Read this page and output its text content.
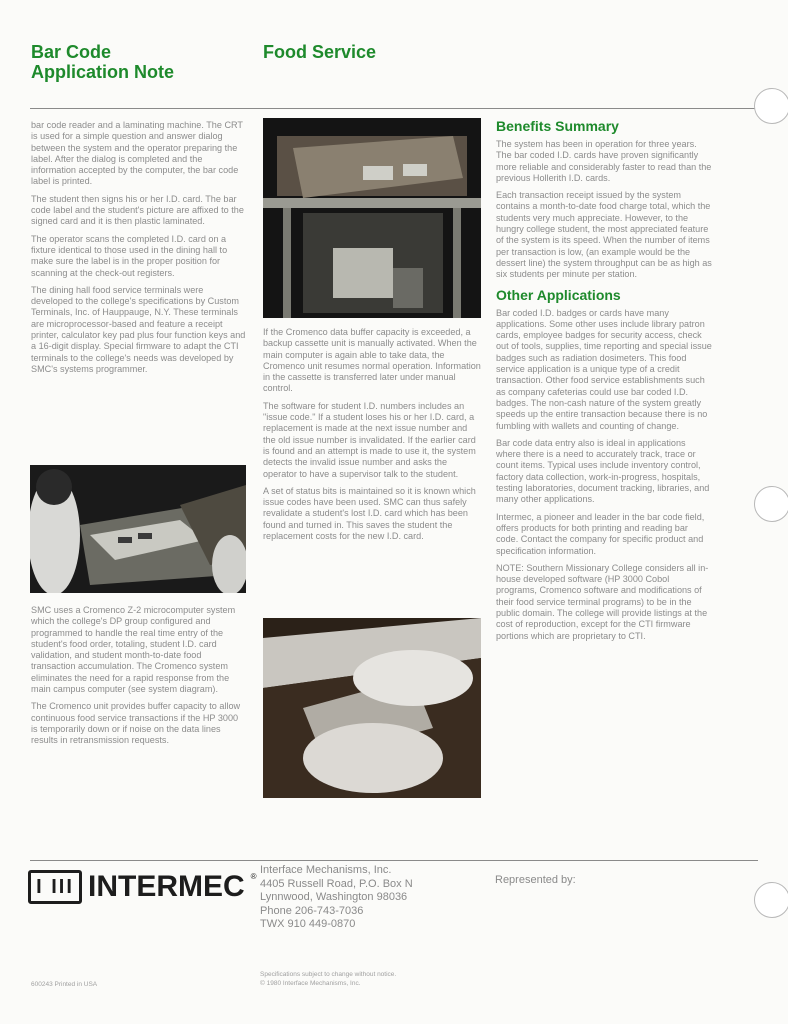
Bar Code
Application Note
Food Service

bar code reader and a laminating machine. The CRT is used for a simple question and answer dialog between the system and the operator preparing the label. After the dialog is completed and the information accepted by the computer, the bar code label is printed.

The student then signs his or her I.D. card. The bar code label and the student's picture are affixed to the signed card and it is then plastic laminated.

The operator scans the completed I.D. card on a fixture identical to those used in the dining hall to make sure the label is in the proper position for scanning at the check-out registers.

The dining hall food service terminals were developed to the college's specifications by Custom Terminals, Inc. of Hauppauge, N.Y. These terminals are microprocessor-based and feature a receipt printer, calculator key pad plus four function keys and a 16-digit display. Special firmware to adapt the CTI terminals to the college's needs was developed by SMC's systems programmer.

SMC uses a Cromenco Z-2 microcomputer system which the college's DP group configured and programmed to handle the real time entry of the student's food order, totaling, student I.D. card validation, and student month-to-date food transaction accumulation. The Cromenco system eliminates the need for a rapid response from the main campus computer (see system diagram).

The Cromenco unit provides buffer capacity to allow continuous food service transactions if the HP 3000 is temporarily down or if noise on the data lines results in retransmission requests.

If the Cromenco data buffer capacity is exceeded, a backup cassette unit is manually activated. When the main computer is again able to take data, the Cromenco unit resumes normal operation. Information in the cassette is transferred later under manual control.

The software for student I.D. numbers includes an "issue code." If a student loses his or her I.D. card, a replacement is made at the next issue number and the old issue number is invalidated. If the earlier card is found and an attempt is made to use it, the system detects the invalid issue number and asks the operator to have a supervisor talk to the student.

A set of status bits is maintained so it is known which issue codes have been used. SMC can thus safely revalidate a student's lost I.D. card which has been found and turned in. This saves the student the replacement costs for the new I.D. card.

Benefits Summary

The system has been in operation for three years. The bar coded I.D. cards have proven significantly more reliable and considerably faster to read than the previous Hollerith I.D. cards.

Each transaction receipt issued by the system contains a month-to-date food charge total, which the students very much appreciate. However, to the hungry college student, the most appreciated feature of the system is its speed. When the number of items per transaction is low, (an example would be the dessert line) the system throughput can be as high as six students per minute per station.

Other Applications

Bar coded I.D. badges or cards have many applications. Some other uses include library patron cards, employee badges for security access, check out of tools, supplies, time reporting and special issue badges such as radiation dosimeters. This food service application is a unique type of a credit transaction. Other food service establishments such as company cafeterias could use bar coded I.D. badges. The non-cash nature of the system greatly speeds up the entire transaction because there is no fumbling with wallets and counting of change.

Bar code data entry also is ideal in applications where there is a need to accurately track, trace or count items. Typical uses include inventory control, factory data collection, work-in-progress, hospitals, testing laboratories, document tracking, libraries, and many other applications.

Intermec, a pioneer and leader in the bar code field, offers products for both printing and reading bar code. Contact the company for specific product and specification information.

NOTE: Southern Missionary College considers all in-house developed software (HP 3000 Cobol programs, Cromenco software and modifications of their food service terminal programs) to be in the public domain. The college will provide listings at the cost of reproduction, except for the CTI firmware portions which are proprietary to CTI.

I III INTERMEC ®
Interface Mechanisms, Inc.
4405 Russell Road, P.O. Box N
Lynnwood, Washington 98036
Phone 206-743-7036
TWX 910 449-0870
Represented by:
600243 Printed in USA
Specifications subject to change without notice.
© 1980 Interface Mechanisms, Inc.
